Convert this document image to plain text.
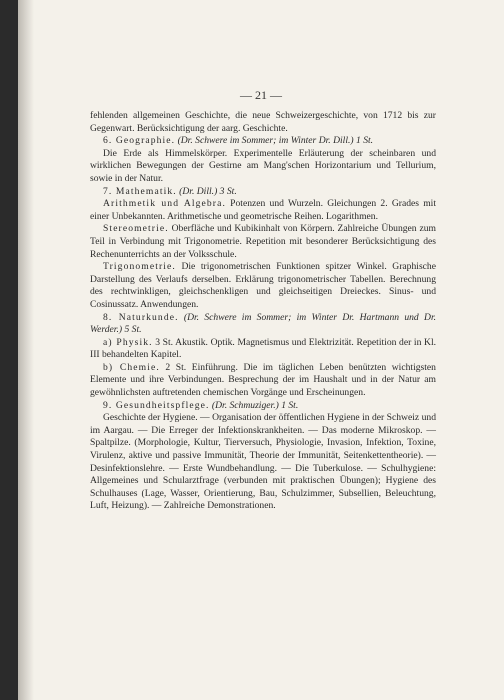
— 21 —

fehlenden allgemeinen Geschichte, die neue Schweizergeschichte, von 1712 bis zur Gegenwart. Berücksichtigung der aarg. Geschichte.

6. Geographie. (Dr. Schwere im Sommer; im Winter Dr. Dill.) 1 St.

Die Erde als Himmelskörper. Experimentelle Erläuterung der scheinbaren und wirklichen Bewegungen der Gestirne am Mang'schen Horizontarium und Tellurium, sowie in der Natur.

7. Mathematik. (Dr. Dill.) 3 St.

Arithmetik und Algebra. Potenzen und Wurzeln. Gleichungen 2. Grades mit einer Unbekannten. Arithmetische und geometrische Reihen. Logarithmen.

Stereometrie. Oberfläche und Kubikinhalt von Körpern. Zahlreiche Übungen zum Teil in Verbindung mit Trigonometrie. Repetition mit besonderer Berücksichtigung des Rechenunterrichts an der Volksschule.

Trigonometrie. Die trigonometrischen Funktionen spitzer Winkel. Graphische Darstellung des Verlaufs derselben. Erklärung trigonometrischer Tabellen. Berechnung des rechtwinkligen, gleichschenkligen und gleichseitigen Dreieckes. Sinus- und Cosinussatz. Anwendungen.

8. Naturkunde. (Dr. Schwere im Sommer; im Winter Dr. Hartmann und Dr. Werder.) 5 St.

a) Physik. 3 St. Akustik. Optik. Magnetismus und Elektrizität. Repetition der in Kl. III behandelten Kapitel.

b) Chemie. 2 St. Einführung. Die im täglichen Leben benützten wichtigsten Elemente und ihre Verbindungen. Besprechung der im Haushalt und in der Natur am gewöhnlichsten auftretenden chemischen Vorgänge und Erscheinungen.

9. Gesundheitspflege. (Dr. Schmuziger.) 1 St.

Geschichte der Hygiene. — Organisation der öffentlichen Hygiene in der Schweiz und im Aargau. — Die Erreger der Infektionskrankheiten. — Das moderne Mikroskop. — Spaltpilze. (Morphologie, Kultur, Tierversuch, Physiologie, Invasion, Infektion, Toxine, Virulenz, aktive und passive Immunität, Theorie der Immunität, Seitenkettentheorie). — Desinfektionslehre. — Erste Wundbehandlung. — Die Tuberkulose. — Schulhygiene: Allgemeines und Schularztfrage (verbunden mit praktischen Übungen); Hygiene des Schulhauses (Lage, Wasser, Orientierung, Bau, Schulzimmer, Subsellien, Beleuchtung, Luft, Heizung). — Zahlreiche Demonstrationen.
